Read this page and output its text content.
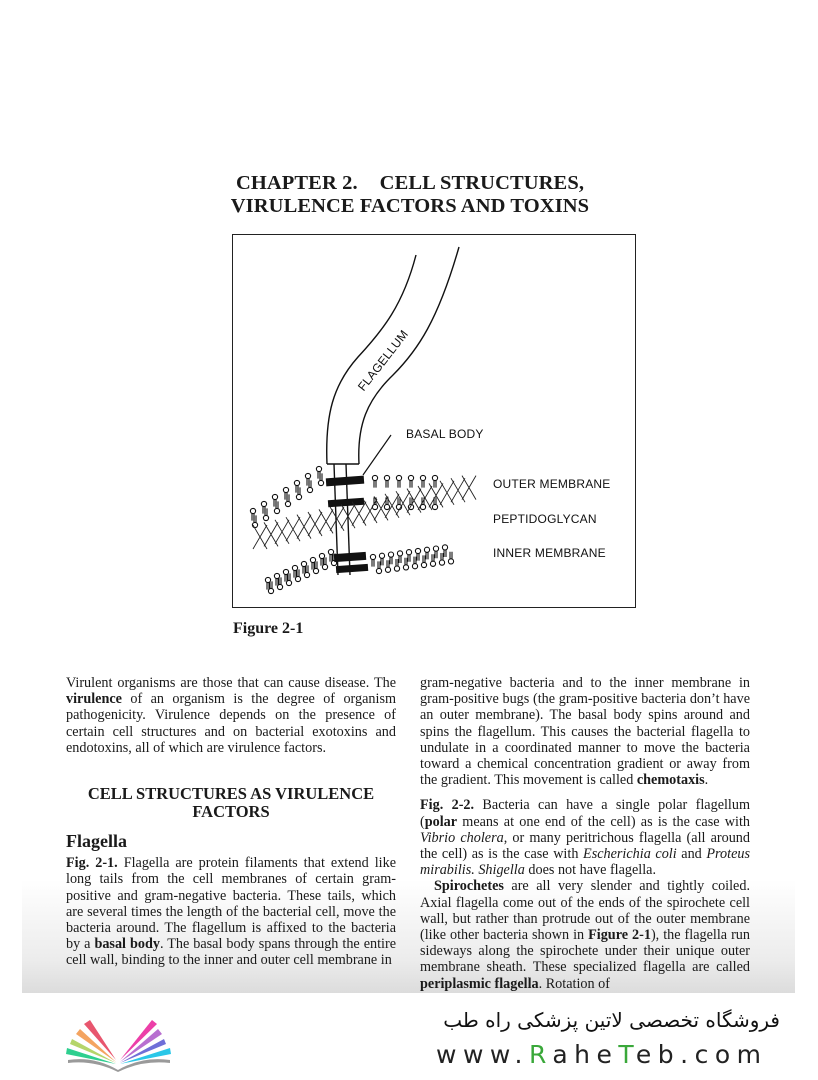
CHAPTER 2. CELL STRUCTURES,
VIRULENCE FACTORS AND TOXINS
FLAGELLUM
BASAL BODY
OUTER MEMBRANE
PEPTIDOGLYCAN
INNER MEMBRANE
Figure 2-1

Virulent organisms are those that can cause disease. The virulence of an organism is the degree of organism pathogenicity. Virulence depends on the presence of certain cell structures and on bacterial exotoxins and endotoxins, all of which are virulence factors.

CELL STRUCTURES AS VIRULENCE FACTORS
Flagella

Fig. 2-1. Flagella are protein filaments that extend like long tails from the cell membranes of certain gram-positive and gram-negative bacteria. These tails, which are several times the length of the bacterial cell, move the bacteria around. The flagellum is affixed to the bacteria by a basal body. The basal body spans through the entire cell wall, binding to the inner and outer cell membrane in

gram-negative bacteria and to the inner membrane in gram-positive bugs (the gram-positive bacteria don’t have an outer membrane). The basal body spins around and spins the flagellum. This causes the bacterial flagella to undulate in a coordinated manner to move the bacteria toward a chemical concentration gradient or away from the gradient. This movement is called chemotaxis.

Fig. 2-2. Bacteria can have a single polar flagellum (polar means at one end of the cell) as is the case with Vibrio cholera, or many peritrichous flagella (all around the cell) as is the case with Escherichia coli and Proteus mirabilis. Shigella does not have flagella.

Spirochetes are all very slender and tightly coiled. Axial flagella come out of the ends of the spirochete cell wall, but rather than protrude out of the outer membrane (like other bacteria shown in Figure 2-1), the flagella run sideways along the spirochete under their unique outer membrane sheath. These specialized flagella are called periplasmic flagella. Rotation of

فروشگاه تخصصی لاتین پزشکی راه طب
www.RaheTeb.com
